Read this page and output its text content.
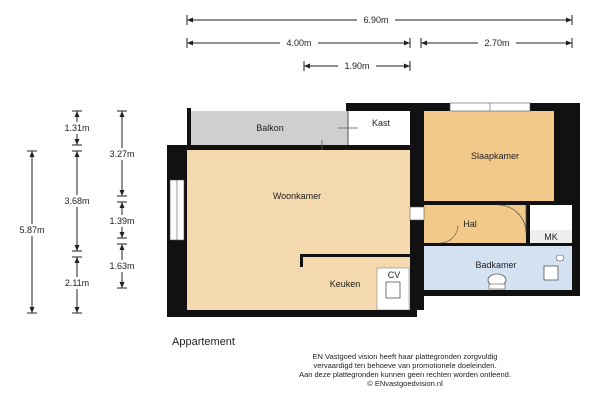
6.90m
4.00m	2.70m
1.90m
5.87m
1.31m
3.68m
2.11m
3.27m
1.39m
1.63m
Balkon	Kast
Slaapkamer
Woonkamer
Hal
MK
Badkamer
Keuken
CV
Appartement
EN Vastgoed vision heeft haar plattegronden zorgvuldig
vervaardigd ten behoeve van promotionele doeleinden.
Aan deze plattegronden kunnen geen rechten worden ontleend.
© ENvastgoedvision.nl
